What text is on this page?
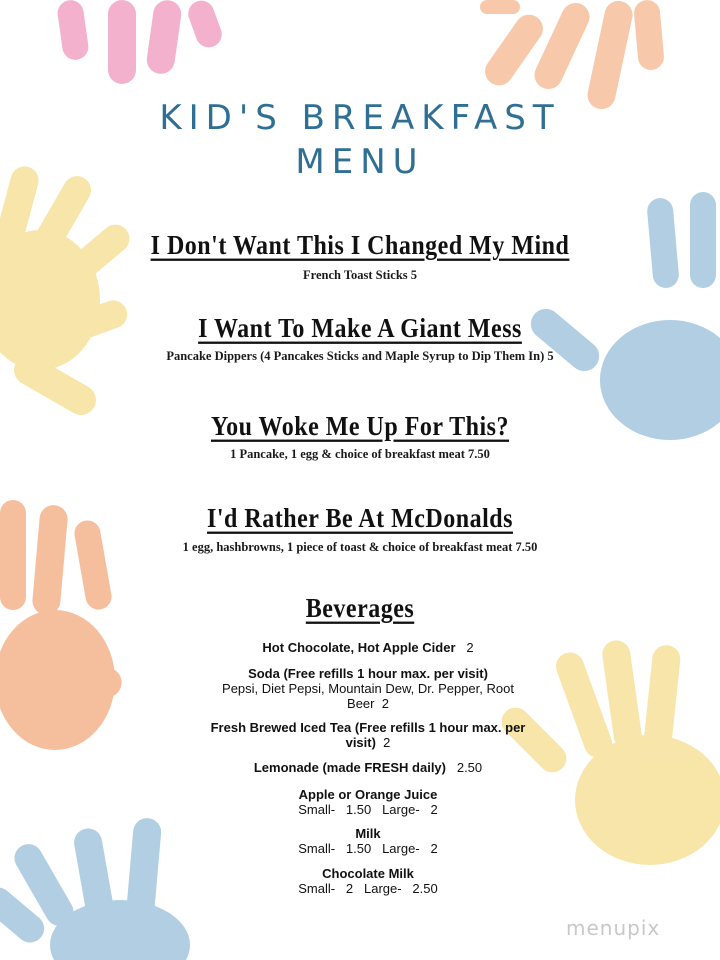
KID'S BREAKFAST
MENU
I Don't Want This I Changed My Mind
French Toast Sticks 5
I Want To Make A Giant Mess
Pancake Dippers (4 Pancakes Sticks and Maple Syrup to Dip Them In) 5
You Woke Me Up For This?
1 Pancake, 1 egg & choice of breakfast meat 7.50
I'd Rather Be At McDonalds
1 egg, hashbrowns, 1 piece of toast & choice of breakfast meat 7.50
Beverages
Hot Chocolate, Hot Apple Cider 2
Soda (Free refills 1 hour max. per visit)
Pepsi, Diet Pepsi, Mountain Dew, Dr. Pepper, Root Beer 2
Fresh Brewed Iced Tea (Free refills 1 hour max. per visit) 2
Lemonade (made FRESH daily) 2.50
Apple or Orange Juice
Small-   1.50   Large-   2
Milk
Small-   1.50   Large-   2
Chocolate Milk
Small-   2   Large-   2.50
menupix
